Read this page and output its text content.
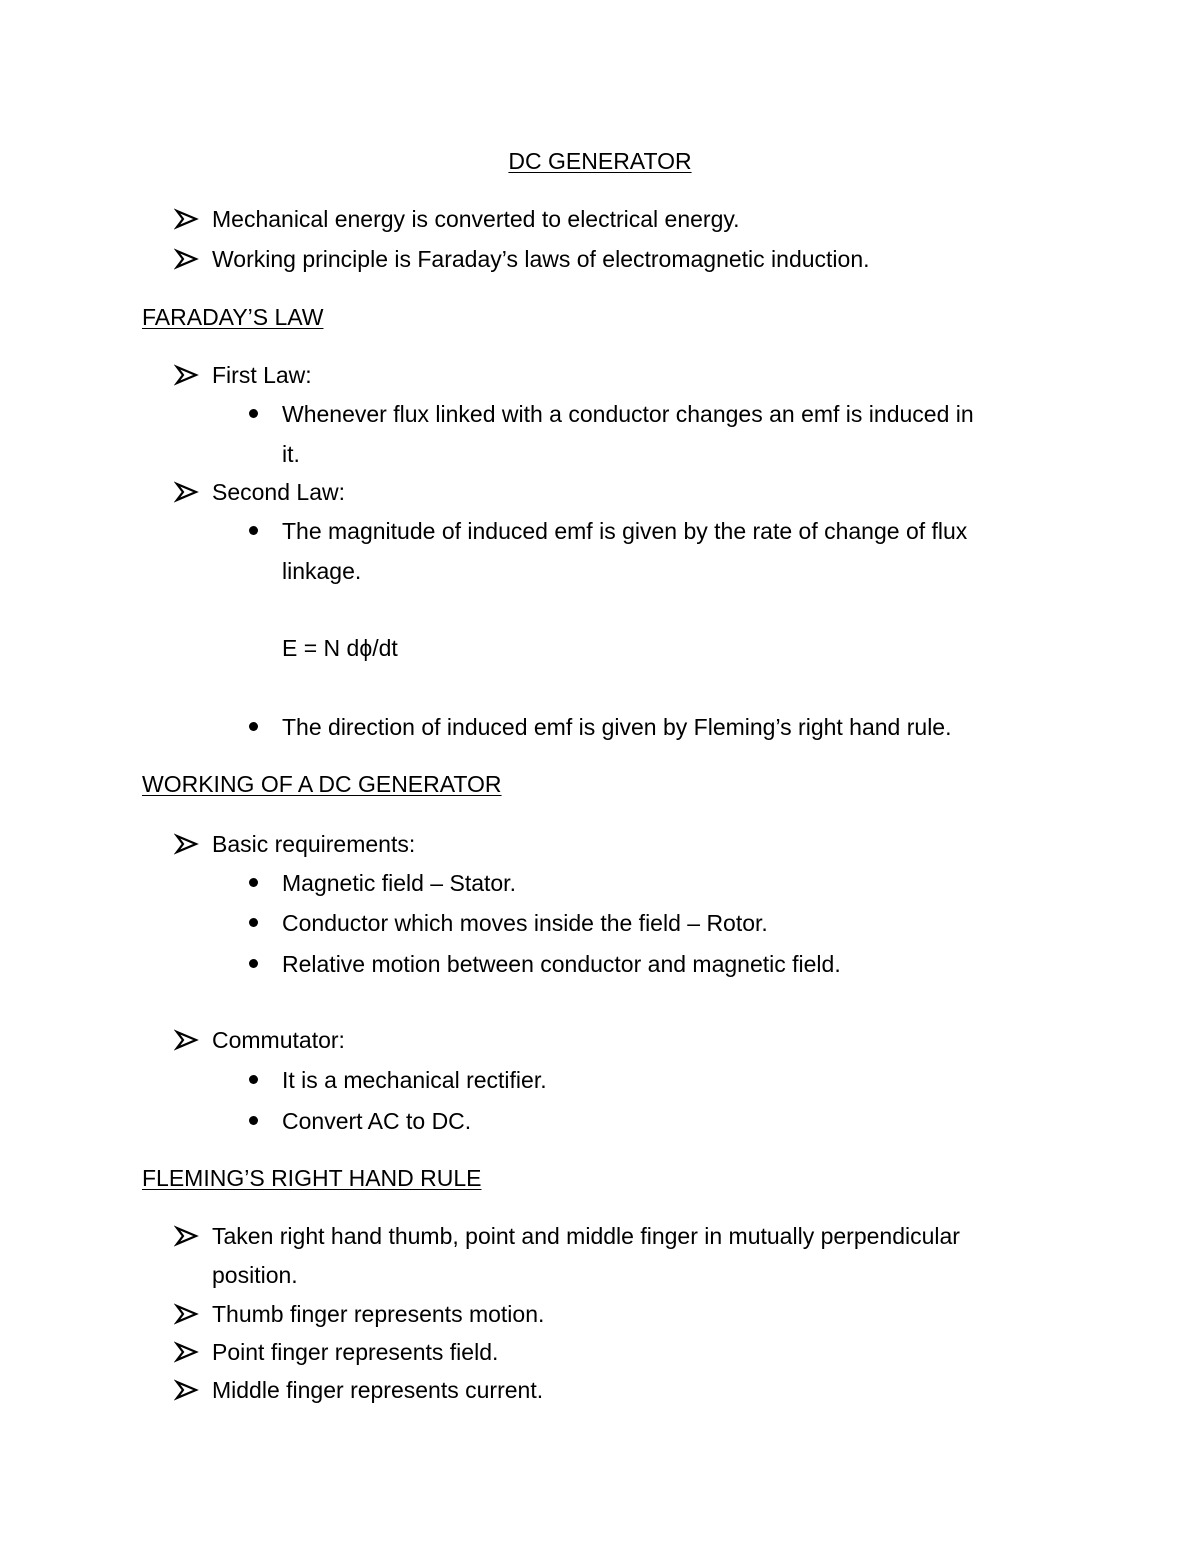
DC GENERATOR
Mechanical energy is converted to electrical energy.
Working principle is Faraday’s laws of electromagnetic induction.
FARADAY’S LAW
First Law:
Whenever flux linked with a conductor changes an emf is induced in
it.
Second Law:
The magnitude of induced emf is given by the rate of change of flux
linkage.
E = N dϕ/dt
The direction of induced emf is given by Fleming’s right hand rule.
WORKING OF A DC GENERATOR
Basic requirements:
Magnetic field – Stator.
Conductor which moves inside the field – Rotor.
Relative motion between conductor and magnetic field.
Commutator:
It is a mechanical rectifier.
Convert AC to DC.
FLEMING’S RIGHT HAND RULE
Taken right hand thumb, point and middle finger in mutually perpendicular
position.
Thumb finger represents motion.
Point finger represents field.
Middle finger represents current.
